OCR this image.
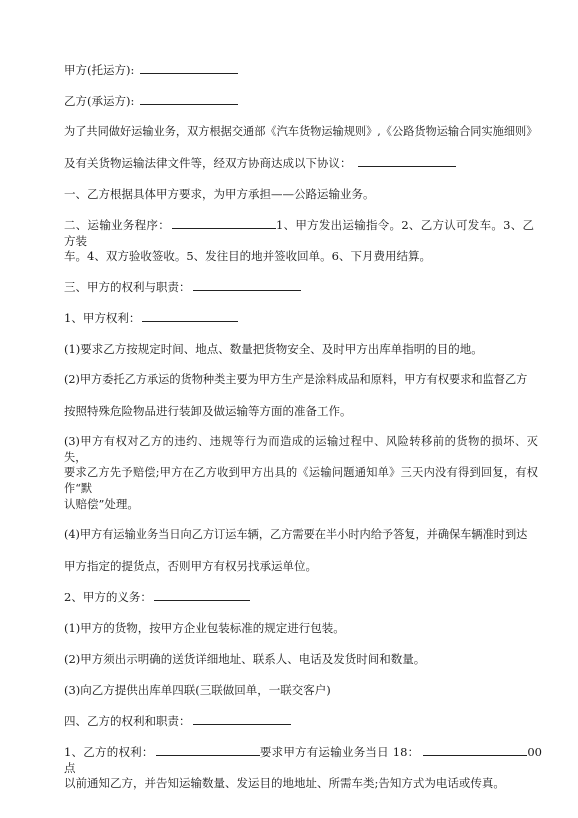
甲方(托运方):

乙方(承运方):

为了共同做好运输业务，双方根据交通部《汽车货物运输规则》,《公路货物运输合同实施细则》

及有关货物运输法律文件等，经双方协商达成以下协议：

一、乙方根据具体甲方要求，为甲方承担——公路运输业务。

二、运输业务程序：	1、甲方发出运输指令。2、乙方认可发车。3、乙方装

车。4、双方验收签收。5、发往目的地并签收回单。6、下月费用结算。

三、甲方的权利与职责：

1、甲方权利：

(1)要求乙方按规定时间、地点、数量把货物安全、及时甲方出库单指明的目的地。

(2)甲方委托乙方承运的货物种类主要为甲方生产是涂料成品和原料，甲方有权要求和监督乙方

按照特殊危险物品进行装卸及做运输等方面的准备工作。

(3)甲方有权对乙方的违约、违规等行为而造成的运输过程中、风险转移前的货物的损坏、灭失，

要求乙方先予赔偿;甲方在乙方收到甲方出具的《运输问题通知单》三天内没有得到回复，有权作“默

认赔偿”处理。

(4)甲方有运输业务当日向乙方订运车辆，乙方需要在半小时内给予答复，并确保车辆准时到达

甲方指定的提货点，否则甲方有权另找承运单位。

2、甲方的义务：

(1)甲方的货物，按甲方企业包装标准的规定进行包装。

(2)甲方须出示明确的送货详细地址、联系人、电话及发货时间和数量。

(3)向乙方提供出库单四联(三联做回单，一联交客户)

四、乙方的权利和职责：

1、乙方的权利：	要求甲方有运输业务当日 18：	00 点

以前通知乙方，并告知运输数量、发运目的地地址、所需车类;告知方式为电话或传真。
